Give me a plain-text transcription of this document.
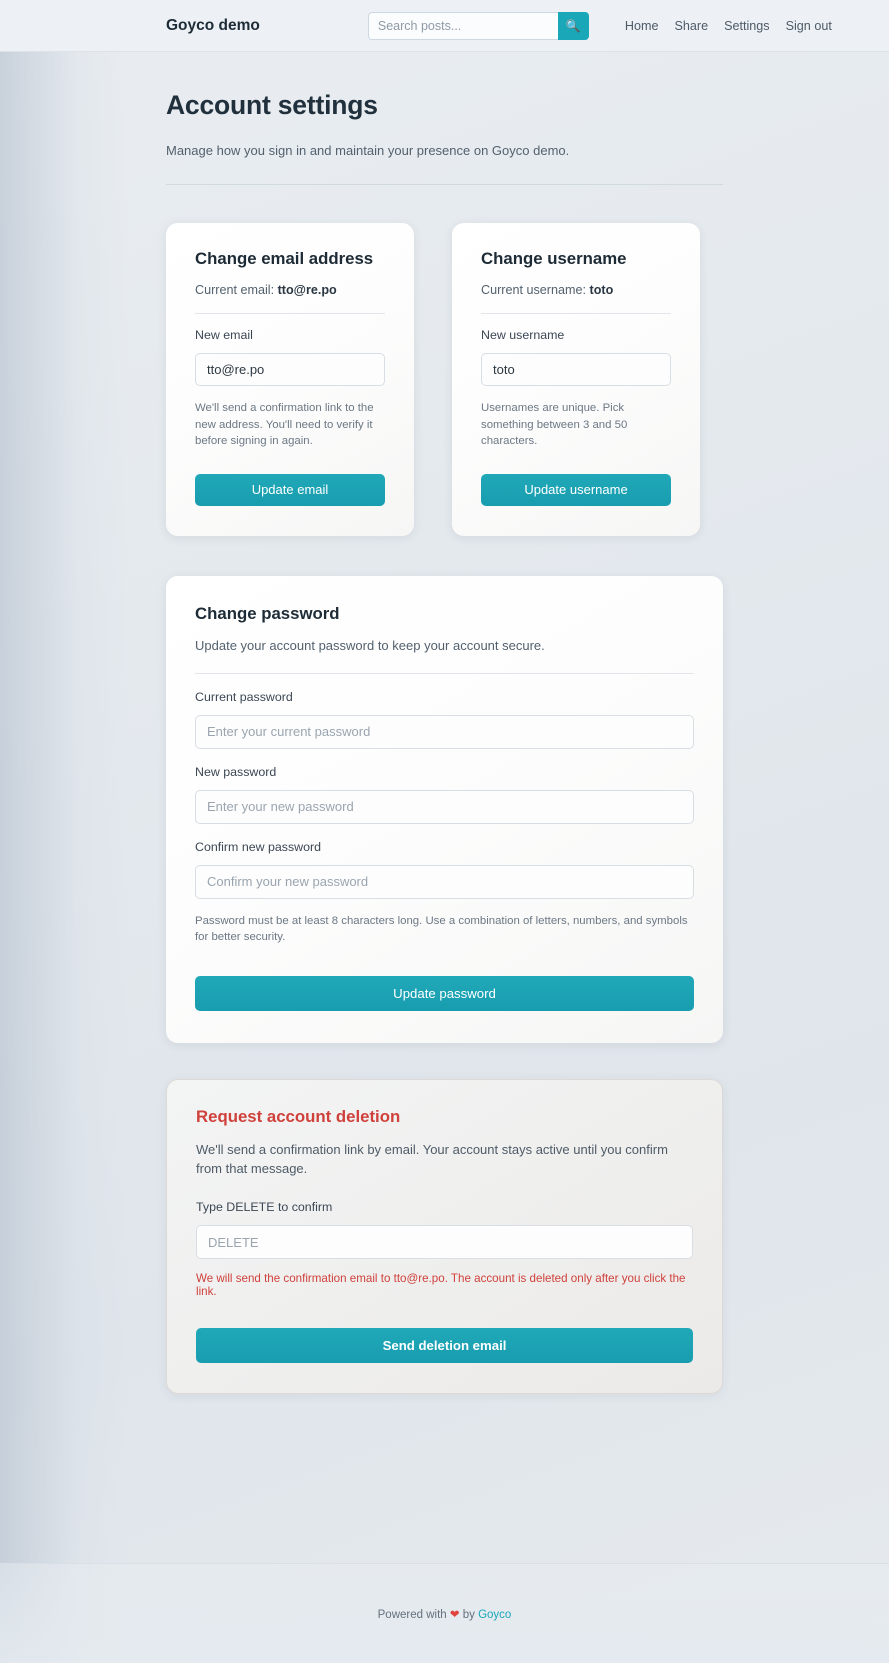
Goyco demo
Search posts...	🔍	Home Share Settings Sign out
Account settings

Manage how you sign in and maintain your presence on Goyco demo.

Change email address

Current email: tto@re.po

New email
tto@re.po

We'll send a confirmation link to the new address. You'll need to verify it before signing in again.

Update email
Change username

Current username: toto

New username
toto

Usernames are unique. Pick something between 3 and 50 characters.

Update username
Change password

Update your account password to keep your account secure.

Current password
New password
Confirm new password

Password must be at least 8 characters long. Use a combination of letters, numbers, and symbols for better security.

Update password
Request account deletion

We'll send a confirmation link by email. Your account stays active until you confirm from that message.

Type DELETE to confirm
DELETE

We will send the confirmation email to tto@re.po. The account is deleted only after you click the link.

Send deletion email
Powered with ❤ by Goyco
